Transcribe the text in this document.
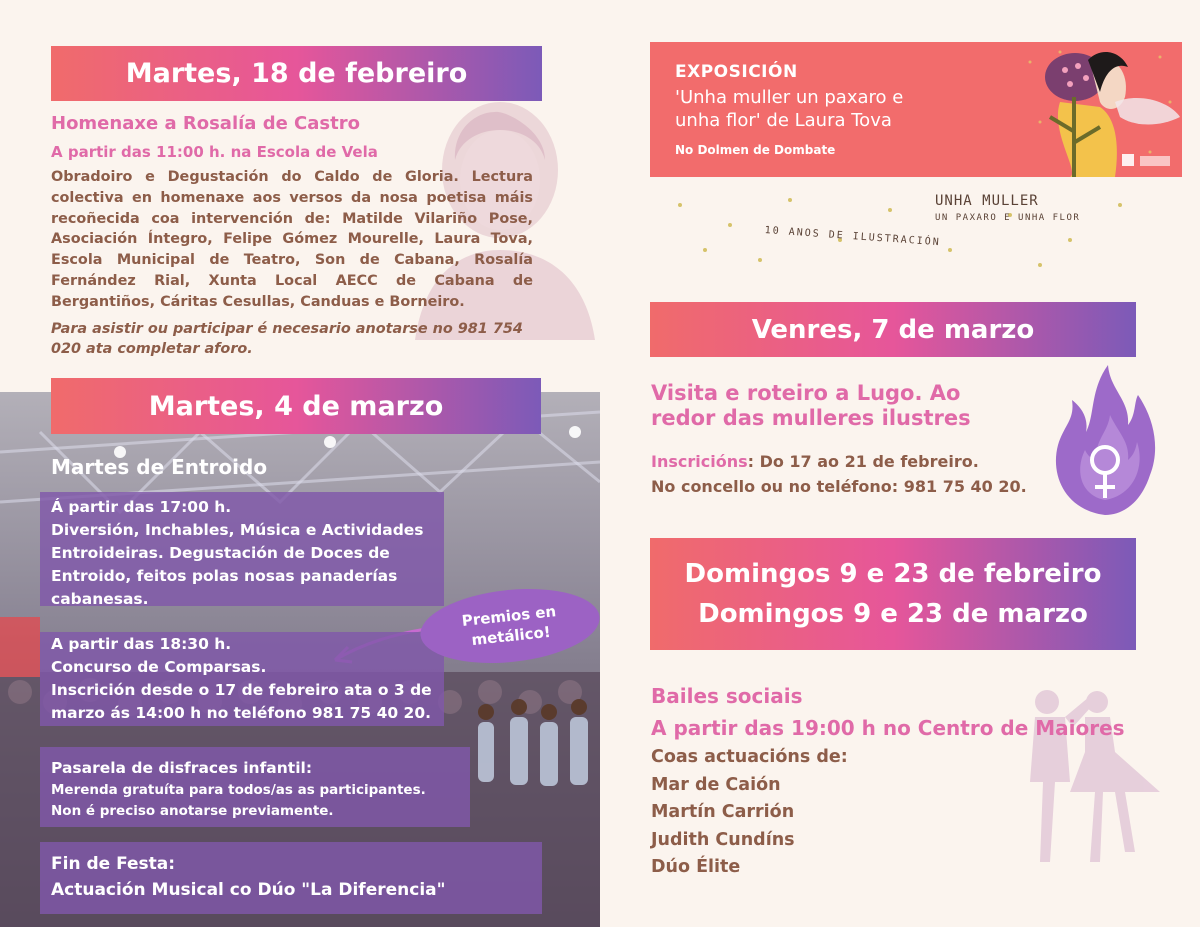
Martes, 18 de febreiro
Homenaxe a Rosalía de Castro
A partir das 11:00 h. na Escola de Vela
Obradoiro e Degustación do Caldo de Gloria. Lectura colectiva en homenaxe aos versos da nosa poetisa máis recoñecida coa intervención de: Matilde Vilariño Pose, Asociación Íntegro, Felipe Gómez Mourelle, Laura Tova, Escola Municipal de Teatro, Son de Cabana, Rosalía Fernández Rial, Xunta Local AECC de Cabana de Bergantiños, Cáritas Cesullas, Canduas e Borneiro.
Para asistir ou participar é necesario anotarse no 981 754 020 ata completar aforo.
Martes, 4 de marzo
Martes de Entroido
Á partir das 17:00 h.
Diversión, Inchables, Música e Actividades Entroideiras. Degustación de Doces de Entroido, feitos polas nosas panaderías cabanesas.
A partir das 18:30 h.
Concurso de Comparsas.
Inscrición desde o 17 de febreiro ata o 3 de marzo ás 14:00 h no teléfono 981 75 40 20.
Pasarela de disfraces infantil:
Merenda gratuíta para todos/as as participantes.
Non é preciso anotarse previamente.
Fin de Festa:
Actuación Musical co Dúo "La Diferencia"
Premios en
metálico!
EXPOSICIÓN
'Unha muller un paxaro e
unha flor' de Laura Tova
No Dolmen de Dombate
UNHA MULLER
UN PAXARO E UNHA FLOR
10 ANOS DE ILUSTRACIÓN
Venres, 7 de marzo
Visita e roteiro a Lugo. Ao redor das mulleres ilustres
Inscricións: Do 17 ao 21 de febreiro.
No concello ou no teléfono: 981 75 40 20.
Domingos 9 e 23 de febreiro
Domingos 9 e 23 de marzo
Bailes sociais
A partir das 19:00 h no Centro de Maiores
Coas actuacións de:
Mar de Caión
Martín Carrión
Judith Cundíns
Dúo Élite
